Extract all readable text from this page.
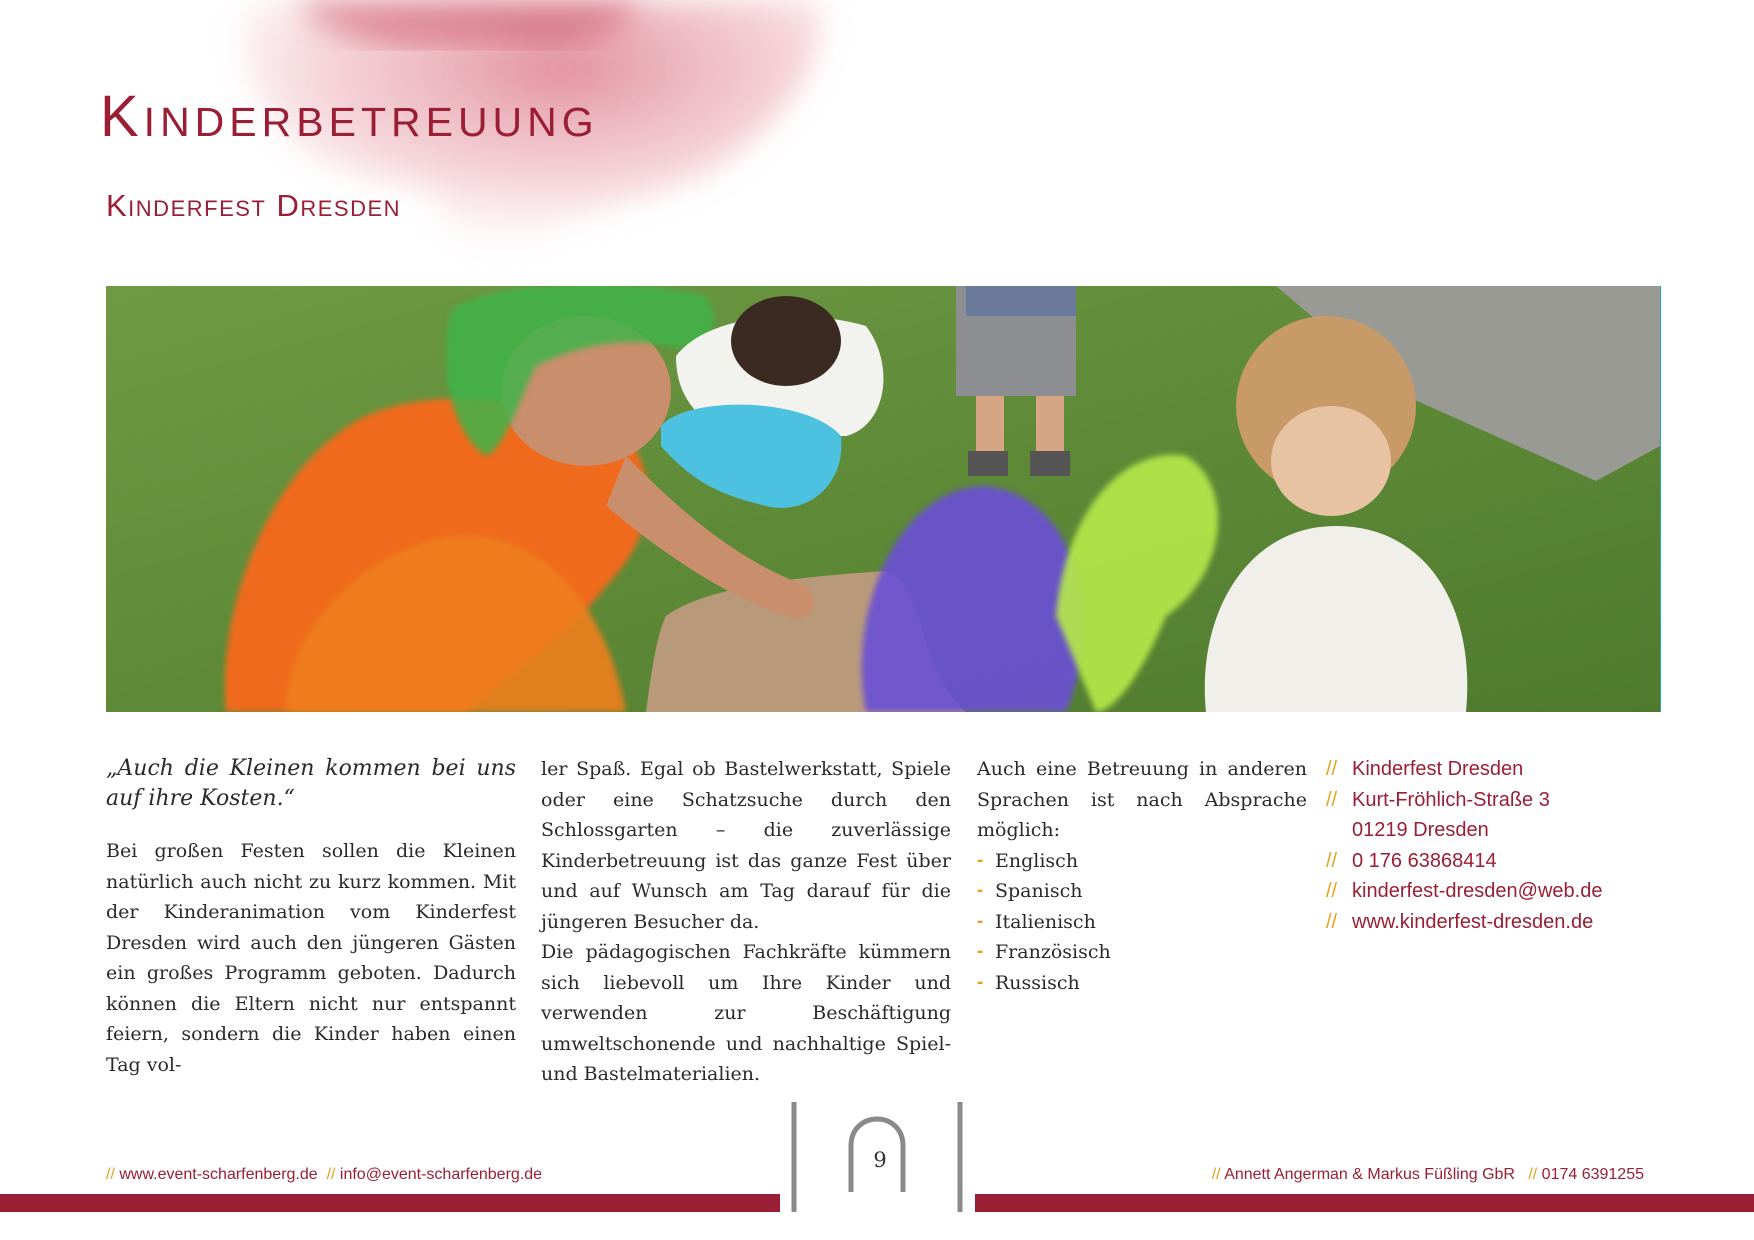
Kinderbetreuung
Kinderfest Dresden

„Auch die Kleinen kommen bei uns auf ihre Kosten.“

Bei großen Festen sollen die Kleinen natürlich auch nicht zu kurz kommen. Mit der Kinderanimation vom Kinderfest Dresden wird auch den jüngeren Gästen ein großes Programm geboten. Dadurch können die Eltern nicht nur entspannt feiern, sondern die Kinder haben einen Tag vol-

ler Spaß. Egal ob Bastelwerkstatt, Spiele oder eine Schatzsuche durch den Schlossgarten – die zuverlässige Kinderbetreuung ist das ganze Fest über und auf Wunsch am Tag darauf für die jüngeren Besucher da.

Die pädagogischen Fachkräfte kümmern sich liebevoll um Ihre Kinder und verwenden zur Beschäftigung umweltschonende und nachhaltige Spiel- und Bastelmaterialien.

Auch eine Betreuung in anderen Sprachen ist nach Absprache möglich:

- Englisch
- Spanisch
- Italienisch
- Französisch
- Russisch
// Kinderfest Dresden
// Kurt-Fröhlich-Straße 3
01219 Dresden
// 0 176 63868414
// kinderfest-dresden@web.de
// www.kinderfest-dresden.de
// www.event-scharfenberg.de // info@event-scharfenberg.de	// Annett Angerman & Markus Füßling GbR // 0174 6391255
9
